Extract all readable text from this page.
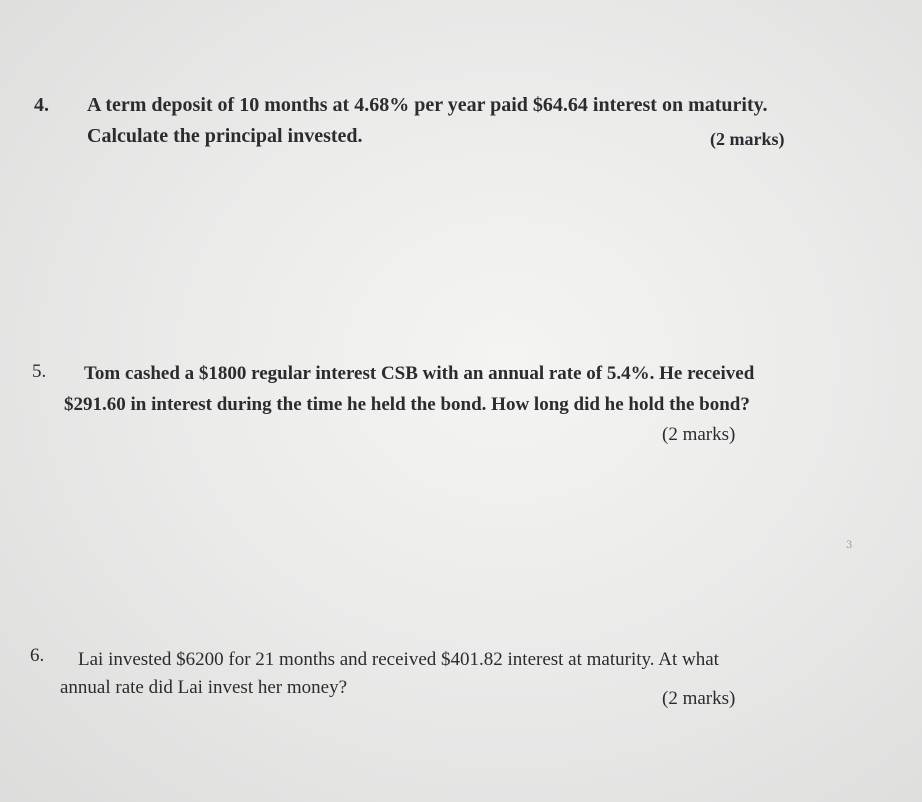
4. A term deposit of 10 months at 4.68% per year paid $64.64 interest on maturity.
Calculate the principal invested.	(2 marks)
5. Tom cashed a $1800 regular interest CSB with an annual rate of 5.4%. He received
$291.60 in interest during the time he held the bond. How long did he hold the bond?
(2 marks)
6. Lai invested $6200 for 21 months and received $401.82 interest at maturity. At what
annual rate did Lai invest her money?
(2 marks)
3
